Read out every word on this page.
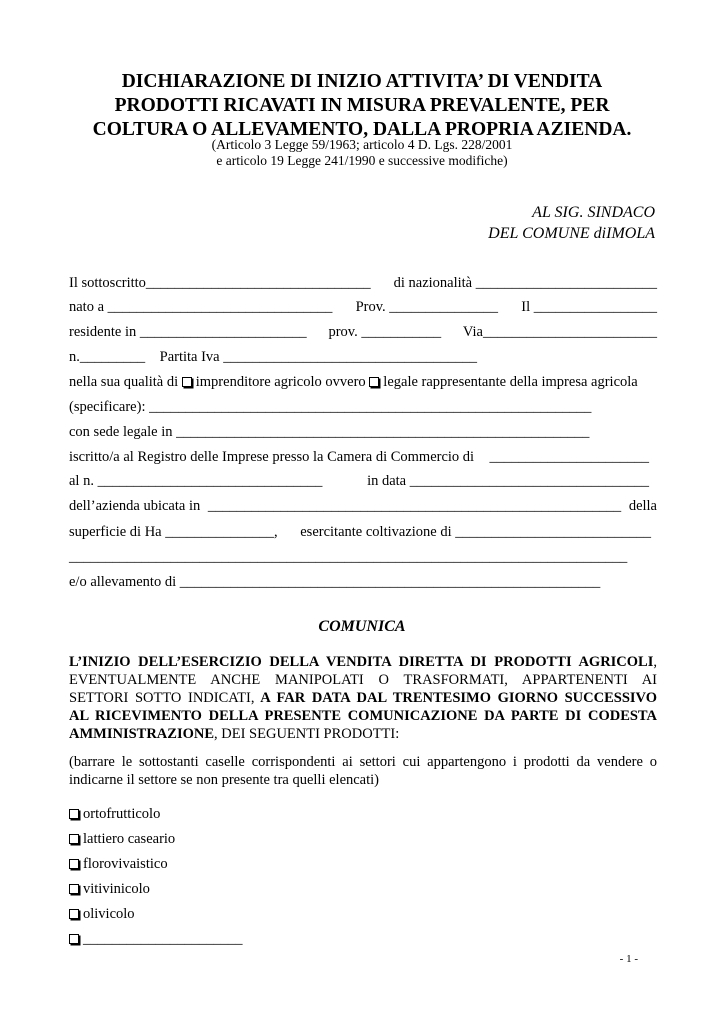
DICHIARAZIONE DI INIZIO ATTIVITA’ DI VENDITA
PRODOTTI RICAVATI IN MISURA PREVALENTE, PER
COLTURA O ALLEVAMENTO, DALLA PROPRIA AZIENDA.
(Articolo 3 Legge 59/1963; articolo 4 D. Lgs. 228/2001
e articolo 19 Legge 241/1990 e successive modifiche)
AL SIG. SINDACO
DEL COMUNE diIMOLA
Il sottoscritto_______________________________ di nazionalità _________________________
nato a _______________________________ Prov. _______________ Il _________________
residente in _______________________ prov. ___________ Via________________________
n._________ Partita Iva ___________________________________
nella sua qualità di imprenditore agricolo ovvero legale rappresentante della impresa agricola
(specificare): _____________________________________________________________
con sede legale in _________________________________________________________
iscritto/a al Registro delle Imprese presso la Camera di Commercio di ______________________
al n. _______________________________	in data _________________________________
dell’azienda ubicata in _________________________________________________________ della
superficie di Ha _______________, esercitante coltivazione di ___________________________
_____________________________________________________________________________
e/o allevamento di __________________________________________________________
COMUNICA
L’INIZIO DELL’ESERCIZIO DELLA VENDITA DIRETTA DI PRODOTTI AGRICOLI,
EVENTUALMENTE ANCHE MANIPOLATI O TRASFORMATI, APPARTENENTI AI
SETTORI SOTTO INDICATI, A FAR DATA DAL TRENTESIMO GIORNO SUCCESSIVO
AL RICEVIMENTO DELLA PRESENTE COMUNICAZIONE DA PARTE DI CODESTA
AMMINISTRAZIONE, DEI SEGUENTI PRODOTTI:
(barrare le sottostanti caselle corrispondenti ai settori cui appartengono i prodotti da vendere o
indicarne il settore se non presente tra quelli elencati)
ortofrutticolo
lattiero caseario
florovivaistico
vitivinicolo
olivicolo
______________________
- 1 -
